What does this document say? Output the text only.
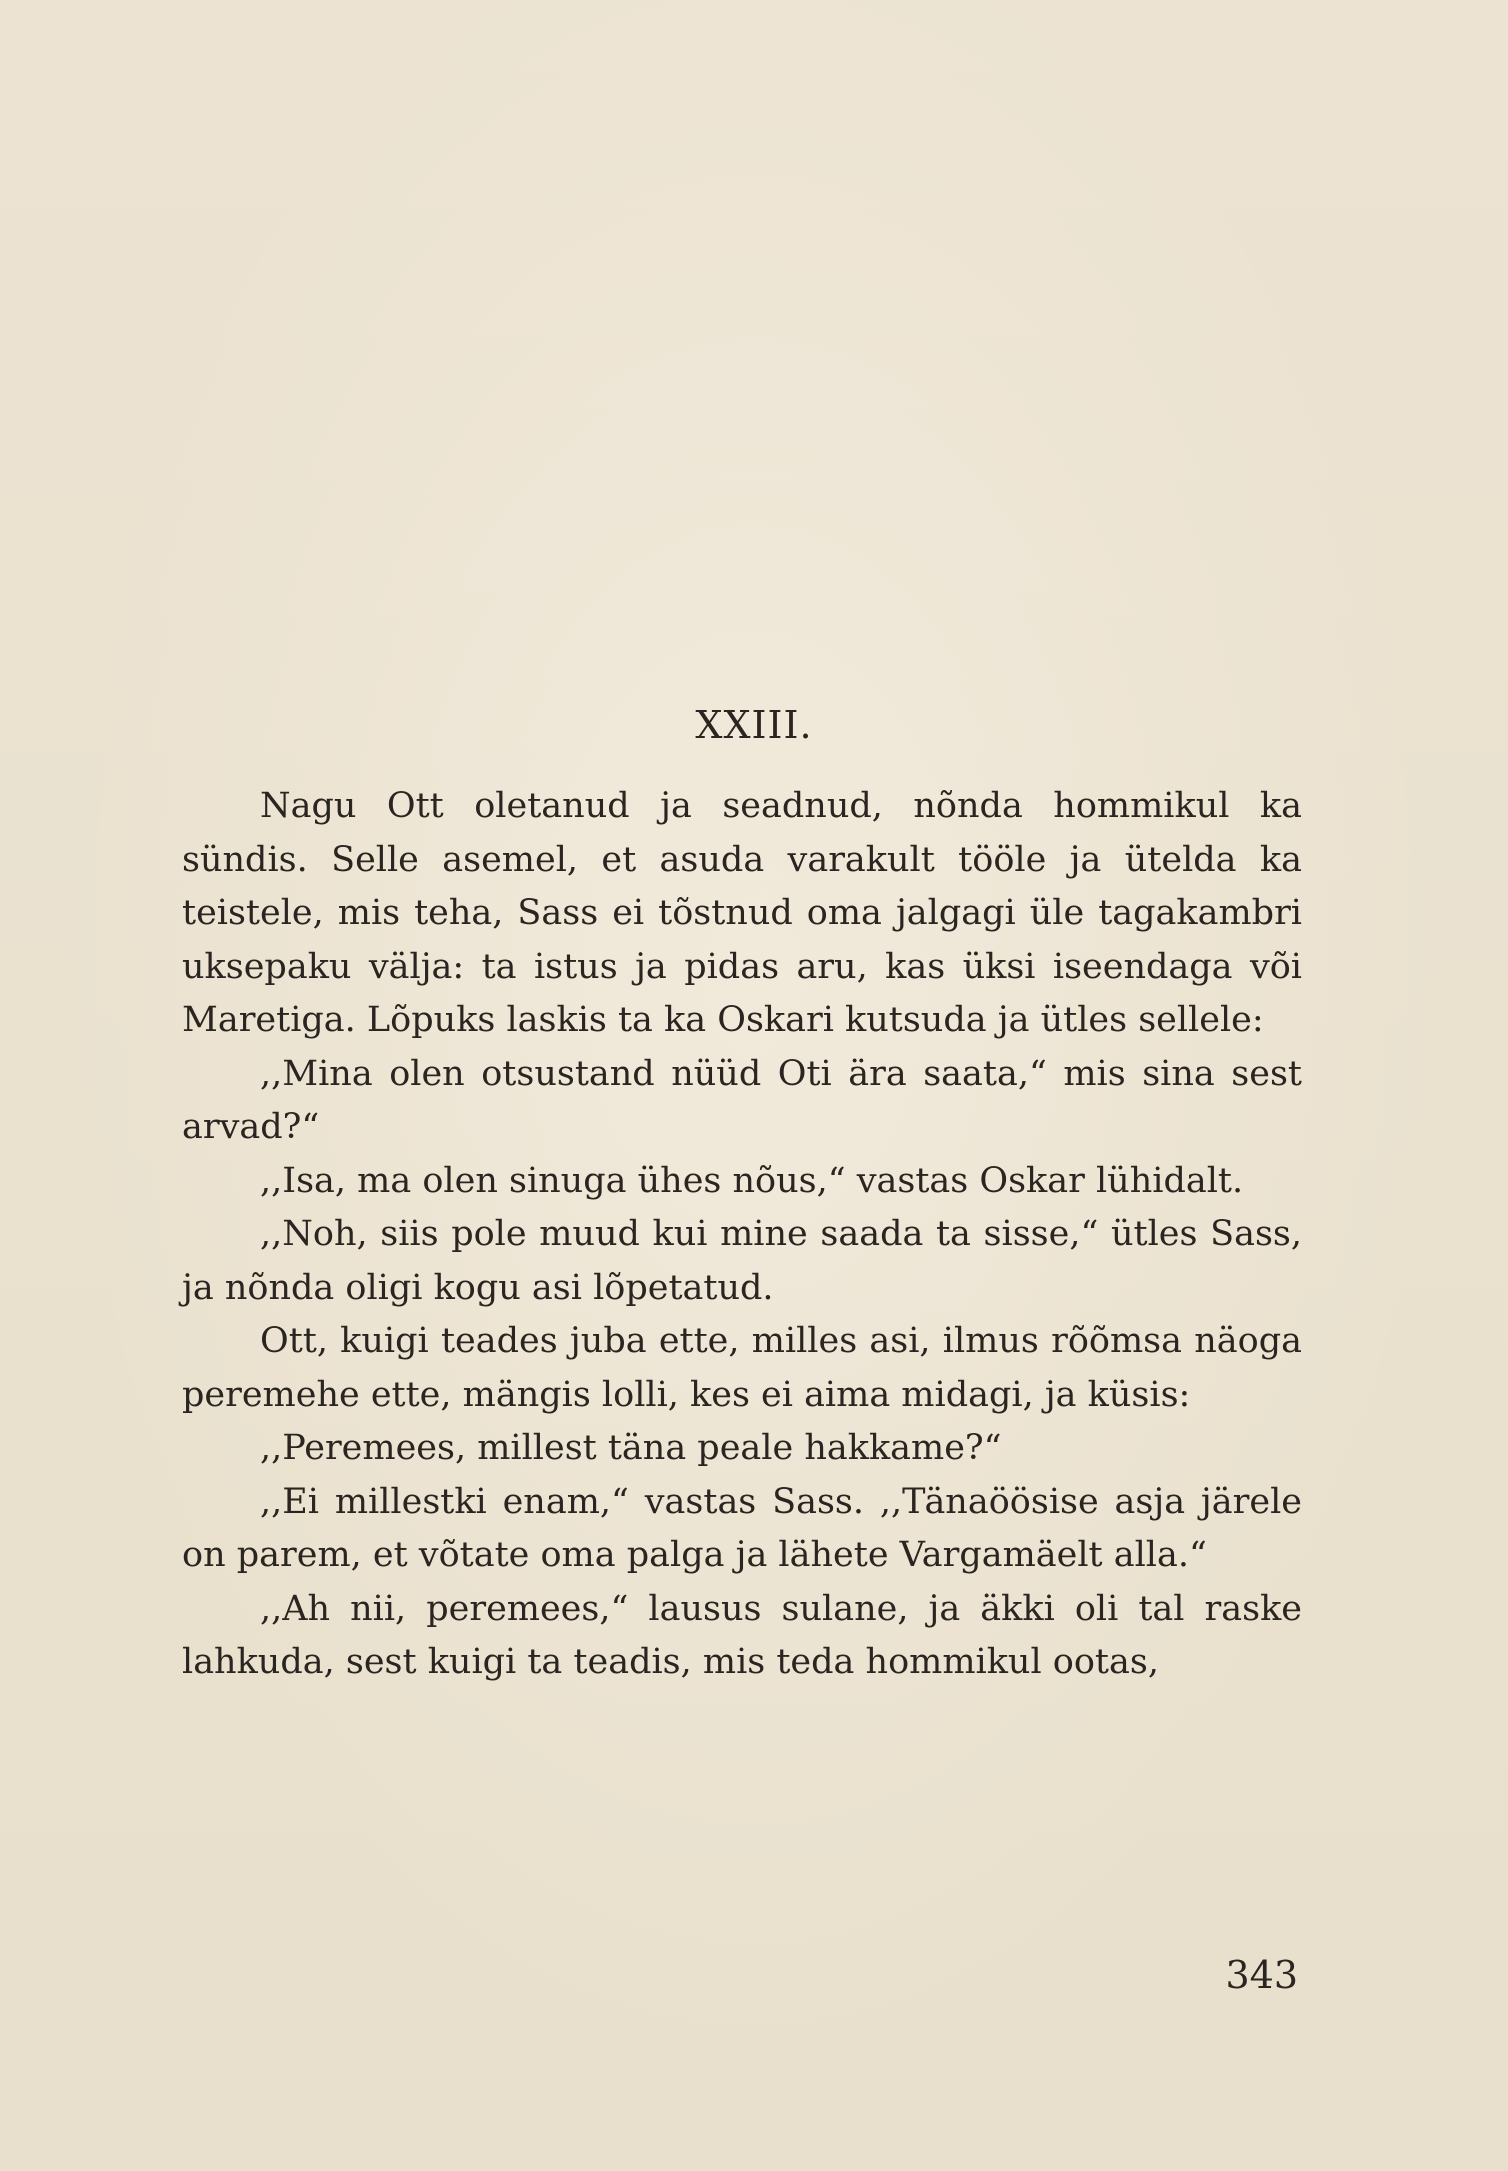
XXIII.

Nagu Ott oletanud ja seadnud, nõnda hommikul ka sündis. Selle asemel, et asuda varakult tööle ja ütelda ka teistele, mis teha, Sass ei tõstnud oma jalgagi üle tagakambri uksepaku välja: ta istus ja pidas aru, kas üksi iseendaga või Maretiga. Lõpuks laskis ta ka Oskari kutsuda ja ütles sellele:

,,Mina olen otsustand nüüd Oti ära saata,“ mis sina sest arvad?“

,,Isa, ma olen sinuga ühes nõus,“ vastas Oskar lühidalt.

,,Noh, siis pole muud kui mine saada ta sisse,“ ütles Sass, ja nõnda oligi kogu asi lõpetatud.

Ott, kuigi teades juba ette, milles asi, ilmus rõõmsa näoga peremehe ette, mängis lolli, kes ei aima midagi, ja küsis:

,,Peremees, millest täna peale hakkame?“

,,Ei millestki enam,“ vastas Sass. ,,Tänaöösise asja järele on parem, et võtate oma palga ja lähete Vargamäelt alla.“

,,Ah nii, peremees,“ lausus sulane, ja äkki oli tal raske lahkuda, sest kuigi ta teadis, mis teda hommikul ootas,

343
